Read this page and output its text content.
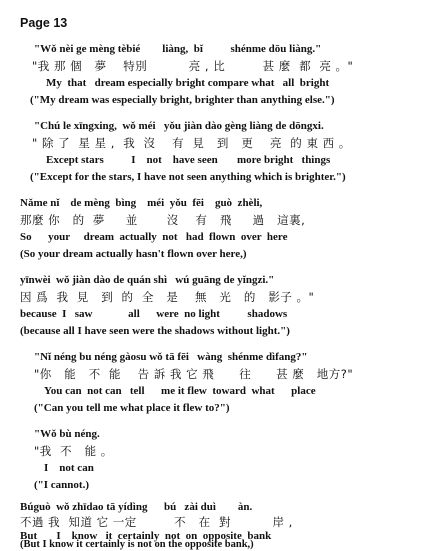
Page 13
"Wǒ nèi ge mèng tèbié        liàng,  bǐ          shénme dōu liàng."
"我 那 個   夢    特別          亮 , 比         甚 麼  都  亮 。"
My  that   dream especially bright compare what   all  bright
("My dream was especially bright, brighter than anything else.")
"Chú le xīngxing,  wǒ méi   yǒu jiàn dào gèng liàng de dōngxi.
" 除 了  星 星 ,  我  沒    有  見   到   更    亮  的 東 西 。
Except stars          I    not    have seen       more bright   things
("Except for the stars, I have not seen anything which is brighter.")
Nǎme nǐ    de mèng  bìng    méi  yǒu  fēi    guò  zhèli,
那麼 你   的  夢     並       沒    有   飛     過   這裏,
So      your     dream  actually  not   had  flown  over  here
(So your dream actually hasn't flown over here,)
yīnwèi  wǒ jiàn dào de quán shì   wú guāng de yǐngzi."
因 爲  我  見   到  的  全   是    無   光   的   影子 。"
because  I   saw             all      were  no light          shadows
(because all I have seen were the shadows without light.")
"Nǐ néng bu néng gàosu wǒ tā fēi   wàng  shénme dìfang?"
"你   能   不  能    告 訴 我 它 飛      往      甚 麼   地方?"
You can  not can   tell      me it flew  toward  what      place
("Can you tell me what place it flew to?")
"Wǒ bù néng.
"我  不   能 。
I    not can
("I cannot.)
Búguò  wǒ zhīdao tā yídìng      bú   zài duì        àn.
不過 我  知道 它 一定         不   在  對          岸 ,
But       I    know   it  certainly  not  on  opposite  bank
(But I know it certainly is not on the opposite bank,)
